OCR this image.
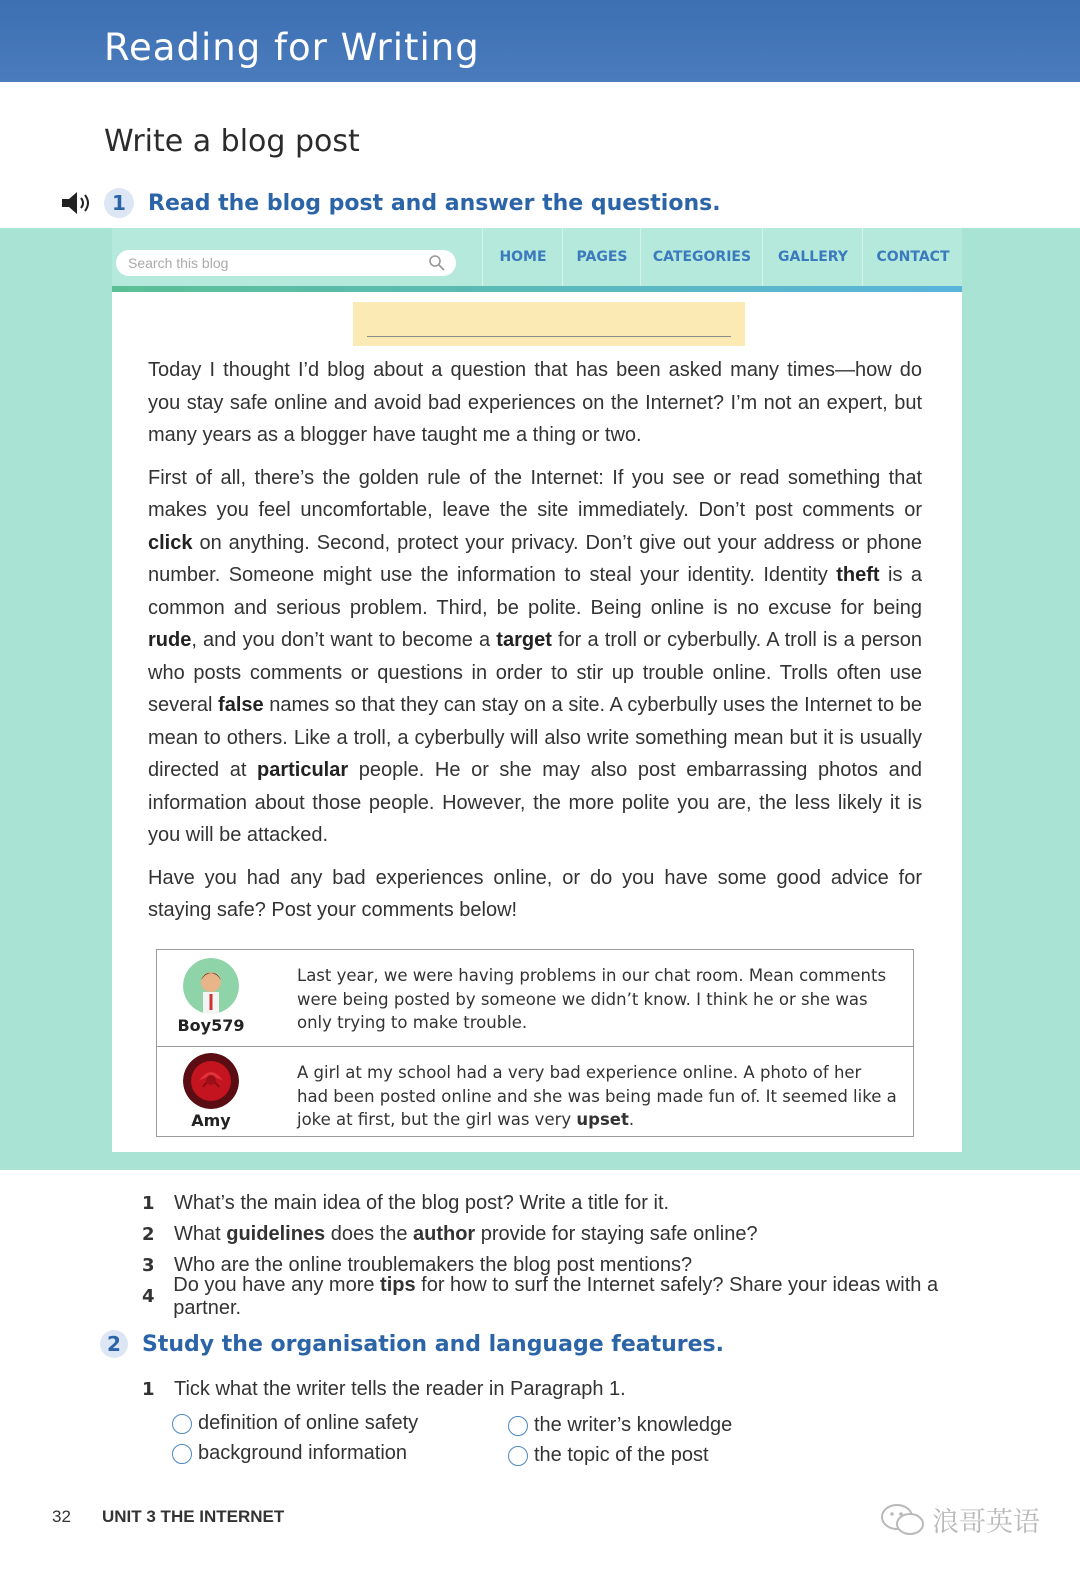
Reading for Writing
Write a blog post
1	Read the blog post and answer the questions.
Search this blog
HOME	PAGES	CATEGORIES	GALLERY	CONTACT

Today I thought I’d blog about a question that has been asked many times—how do you stay safe online and avoid bad experiences on the Internet? I’m not an expert, but many years as a blogger have taught me a thing or two.

First of all, there’s the golden rule of the Internet: If you see or read something that makes you feel uncomfortable, leave the site immediately. Don’t post comments or click on anything. Second, protect your privacy. Don’t give out your address or phone number. Someone might use the information to steal your identity. Identity theft is a common and serious problem. Third, be polite. Being online is no excuse for being rude, and you don’t want to become a target for a troll or cyberbully. A troll is a person who posts comments or questions in order to stir up trouble online. Trolls often use several false names so that they can stay on a site. A cyberbully uses the Internet to be mean to others. Like a troll, a cyberbully will also write something mean but it is usually directed at particular people. He or she may also post embarrassing photos and information about those people. However, the more polite you are, the less likely it is you will be attacked.

Have you had any bad experiences online, or do you have some good advice for staying safe? Post your comments below!

Boy579
Last year, we were having problems in our chat room. Mean comments were being posted by someone we didn’t know. I think he or she was only trying to make trouble.
Amy
A girl at my school had a very bad experience online. A photo of her had been posted online and she was being made fun of. It seemed like a joke at first, but the girl was very upset.
1 What’s the main idea of the blog post? Write a title for it.
2 What guidelines does the author provide for staying safe online?
3 Who are the online troublemakers the blog post mentions?
4
Do you have any more tips for how to surf the Internet safely? Share your ideas with a partner.
2 Study the organisation and language features.
1 Tick what the writer tells the reader in Paragraph 1.
definition of online safety
background information
the writer’s knowledge
the topic of the post
32 UNIT 3 THE INTERNET	浪哥英语
